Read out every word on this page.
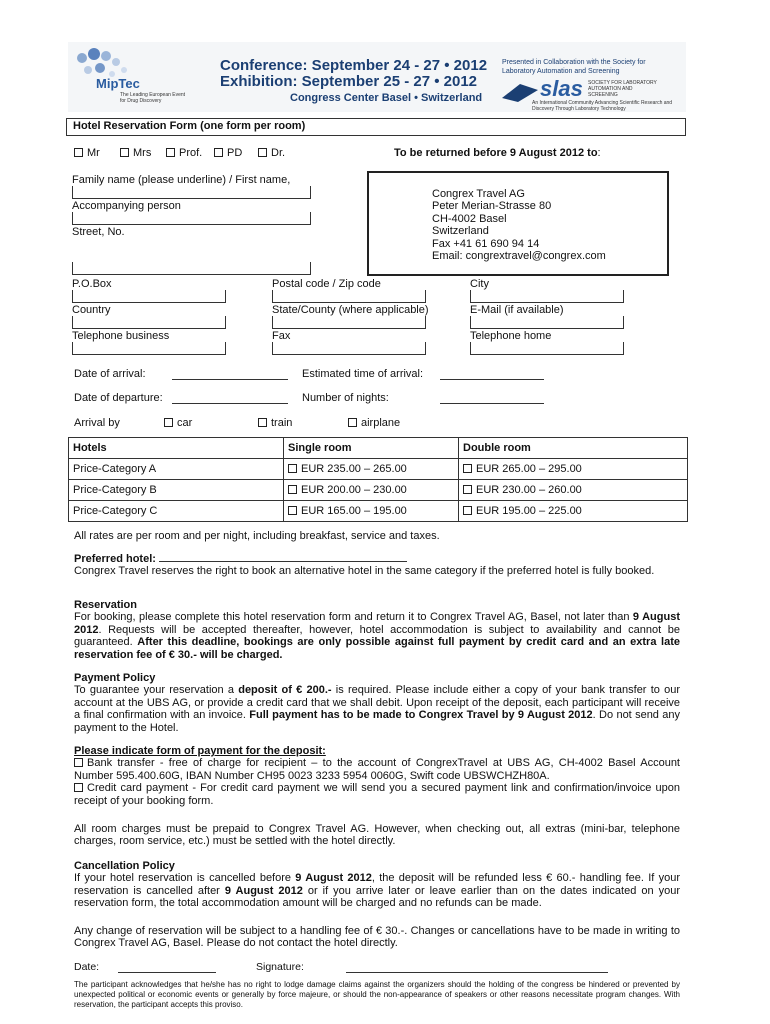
MipTec
The Leading European Event for Drug Discovery
Conference: September 24 - 27 • 2012
Exhibition: September 25 - 27 • 2012
Congress Center Basel • Switzerland
Presented in Collaboration with the Society for Laboratory Automation and Screening
slas SOCIETY FOR LABORATORY AUTOMATION AND SCREENING
An International Community Advancing Scientific Research and Discovery Through Laboratory Technology
Hotel Reservation Form (one form per room)
Mr	Mrs	Prof.	PD	Dr.	To be returned before 9 August 2012 to:
Family name (please underline) / First name,
Accompanying person
Street, No.
Congrex Travel AG
Peter Merian-Strasse 80
CH-4002 Basel
Switzerland
Fax +41 61 690 94 14
Email: congrextravel@congrex.com
P.O.Box	Postal code / Zip code	City
Country	State/County (where applicable)	E-Mail (if available)
Telephone business	Fax	Telephone home
Date of arrival:	Estimated time of arrival:
Date of departure:	Number of nights:
Arrival by	car	train	airplane
Hotels	Single room	Double room
Price-Category A	EUR 235.00 – 265.00	EUR 265.00 – 295.00
Price-Category B	EUR 200.00 – 230.00	EUR 230.00 – 260.00
Price-Category C	EUR 165.00 – 195.00	EUR 195.00 – 225.00
All rates are per room and per night, including breakfast, service and taxes.
Preferred hotel:
Congrex Travel reserves the right to book an alternative hotel in the same category if the preferred hotel is fully booked.
Reservation
For booking, please complete this hotel reservation form and return it to Congrex Travel AG, Basel, not later than 9 August 2012. Requests will be accepted thereafter, however, hotel accommodation is subject to availability and cannot be guaranteed. After this deadline, bookings are only possible against full payment by credit card and an extra late reservation fee of € 30.- will be charged.
Payment Policy
To guarantee your reservation a deposit of € 200.- is required. Please include either a copy of your bank transfer to our account at the UBS AG, or provide a credit card that we shall debit. Upon receipt of the deposit, each participant will receive a final confirmation with an invoice. Full payment has to be made to Congrex Travel by 9 August 2012. Do not send any payment to the Hotel.
Please indicate form of payment for the deposit:
Bank transfer - free of charge for recipient – to the account of CongrexTravel at UBS AG, CH-4002 Basel Account Number 595.400.60G, IBAN Number CH95 0023 3233 5954 0060G, Swift code UBSWCHZH80A.
Credit card payment - For credit card payment we will send you a secured payment link and confirmation/invoice upon receipt of your booking form.
All room charges must be prepaid to Congrex Travel AG. However, when checking out, all extras (mini-bar, telephone charges, room service, etc.) must be settled with the hotel directly.
Cancellation Policy
If your hotel reservation is cancelled before 9 August 2012, the deposit will be refunded less € 60.- handling fee. If your reservation is cancelled after 9 August 2012 or if you arrive later or leave earlier than on the dates indicated on your reservation form, the total accommodation amount will be charged and no refunds can be made.
Any change of reservation will be subject to a handling fee of € 30.-. Changes or cancellations have to be made in writing to Congrex Travel AG, Basel. Please do not contact the hotel directly.
Date:	Signature:
The participant acknowledges that he/she has no right to lodge damage claims against the organizers should the holding of the congress be hindered or prevented by unexpected political or economic events or generally by force majeure, or should the non-appearance of speakers or other reasons necessitate program changes. With reservation, the participant accepts this proviso.
